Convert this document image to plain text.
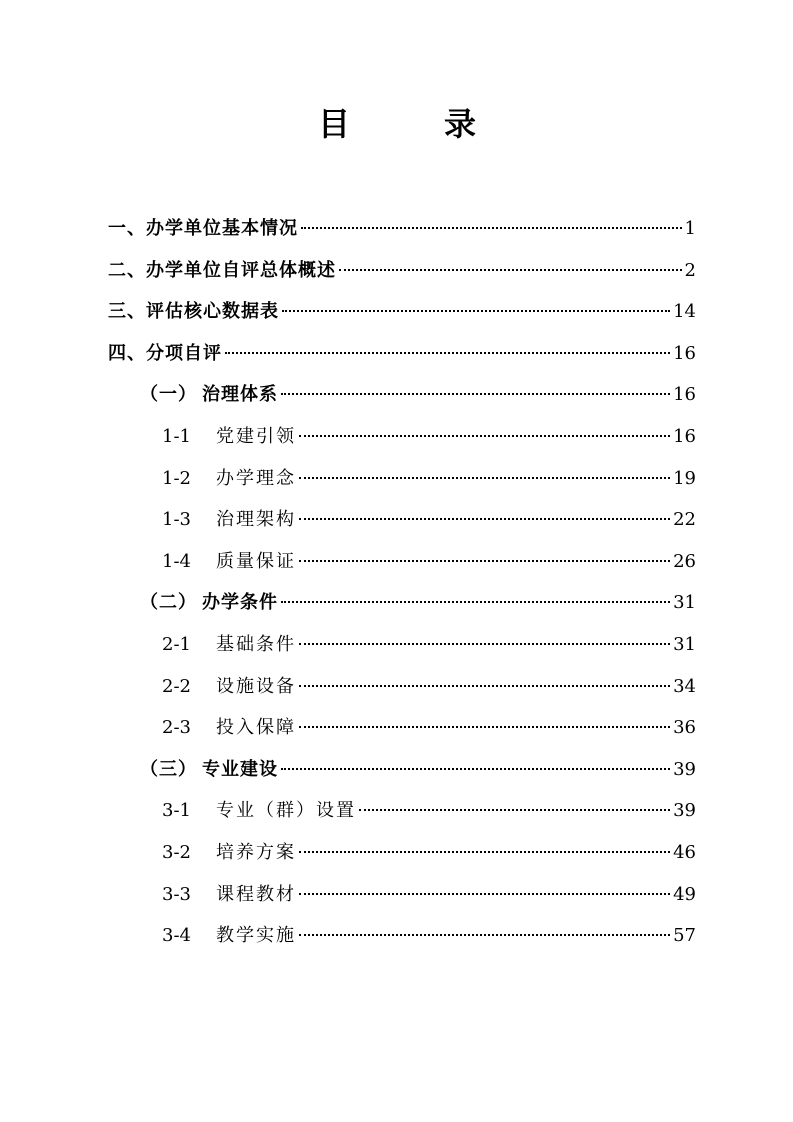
目	录
一、办学单位基本情况	1
二、办学单位自评总体概述	2
三、评估核心数据表	14
四、分项自评	16
（一） 治理体系	16
1-1 党建引领	16
1-2 办学理念	19
1-3 治理架构	22
1-4 质量保证	26
（二） 办学条件	31
2-1 基础条件	31
2-2 设施设备	34
2-3 投入保障	36
（三） 专业建设	39
3-1 专业（群）设置	39
3-2 培养方案	46
3-3 课程教材	49
3-4 教学实施	57
